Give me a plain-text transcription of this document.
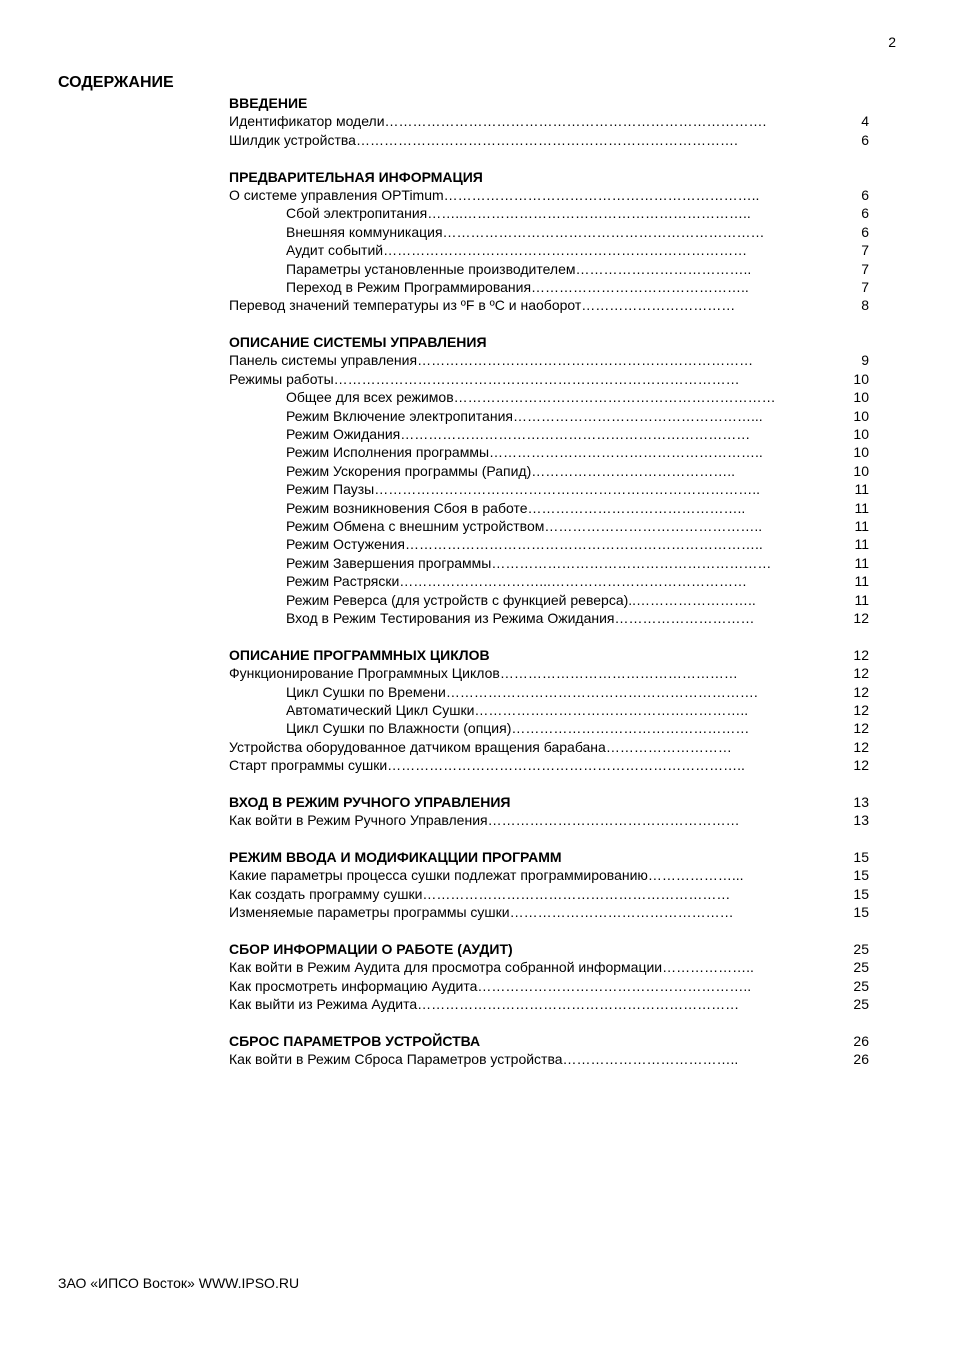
2
СОДЕРЖАНИЕ
ВВЕДЕНИЕ
Идентификатор модели ……………………………………………………………………….	4
Шилдик устройства ……………………………………………………………………….	6
ПРЕДВАРИТЕЛЬНАЯ ИНФОРМАЦИЯ
О системе управления OPTimum …………………………………………………………..	6
Сбой электропитания ……..……………………………………………………..	6
Внешняя коммуникация ……………………………………………………………	6
Аудит событий ……………………………………………………………………	7
Параметры установленные производителем ………………………………..	7
Переход в Режим Программирования ………………………………………..	7
Перевод значений температуры из ºF в ºC и наоборот ……………………………	8
ОПИСАНИЕ СИСТЕМЫ УПРАВЛЕНИЯ
Панель системы управления ………………………………………………………………	9
Режимы работы ……………………………………………………………………………	10
Общее для всех режимов ……………………………………………………………	10
Режим Включение электропитания ……………………………………………...	10
Режим Ожидания …………………………………………………………………	10
Режим Исполнения программы …………………………………………………..	10
Режим Ускорения программы (Рапид) ……………………………………..	10
Режим Паузы ………………………………………………………………………..	11
Режим возникновения Сбоя в работе ………………………………………..	11
Режим Обмена с внешним устройством ………………………………………..	11
Режим Остужения …………………………………………………………………..	11
Режим Завершения программы ……………………………………………………	11
Режим Растряски …………………………...……………………………………	11
Режим Реверса (для устройств с функцией реверса) ..……………………..	11
Вход в Режим Тестирования из Режима Ожидания …………………………	12
ОПИСАНИЕ ПРОГРАММНЫХ ЦИКЛОВ	12
Функционирование Программных Циклов ……………………………………………	12
Цикл Сушки по Времени ………………………………………………………….	12
Автоматический Цикл Сушки …………………………………………………..	12
Цикл Сушки по Влажности (опция) ……………………………………………	12
Устройства оборудованное датчиком вращения барабана ………………………	12
Старт программы сушки …………………………………………………………………..	12
ВХОД В РЕЖИМ РУЧНОГО УПРАВЛЕНИЯ	13
Как войти в Режим Ручного Управления ………………………………………………	13
РЕЖИМ ВВОДА И МОДИФИКАЦЦИИ ПРОГРАММ	15
Какие параметры процесса сушки подлежат программированию ………………...	15
Как создать программу сушки …………………………………………………………	15
Изменяемые параметры программы сушки …………………………………………	15
СБОР ИНФОРМАЦИИ О РАБОТЕ (АУДИТ)	25
Как войти в Режим Аудита для просмотра собранной информации ………………..	25
Как просмотреть информацию Аудита …………………………………………………..	25
Как выйти из Режима Аудита ……………………………………………………………	25
СБРОС ПАРАМЕТРОВ УСТРОЙСТВА	26
Как войти в Режим Сброса Параметров устройства ………………………………..	26
ЗАО «ИПСО Восток» WWW.IPSO.RU
